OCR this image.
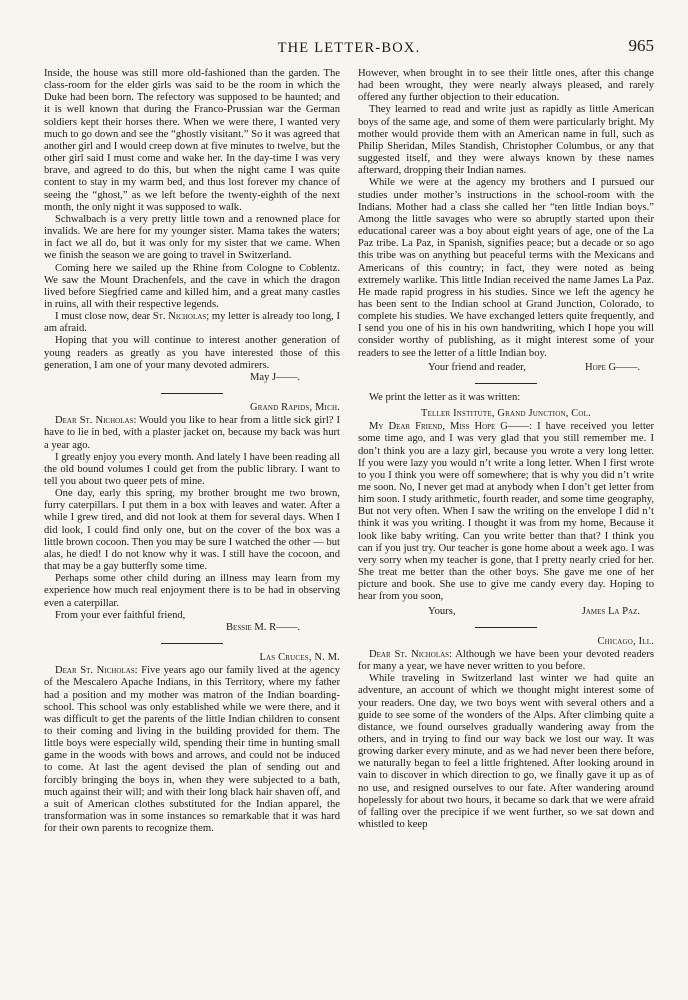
THE LETTER-BOX.	965

Inside, the house was still more old-fashioned than the garden. The class-room for the elder girls was said to be the room in which the Duke had been born. The refectory was supposed to be haunted; and it is well known that during the Franco-Prussian war the German soldiers kept their horses there. When we were there, I wanted very much to go down and see the “ghostly visitant.” So it was agreed that another girl and I would creep down at five minutes to twelve, but the other girl said I must come and wake her. In the day-time I was very brave, and agreed to do this, but when the night came I was quite content to stay in my warm bed, and thus lost forever my chance of seeing the “ghost,” as we left before the twenty-eighth of the next month, the only night it was supposed to walk.

Schwalbach is a very pretty little town and a renowned place for invalids. We are here for my younger sister. Mama takes the waters; in fact we all do, but it was only for my sister that we came. When we finish the season we are going to travel in Switzerland.

Coming here we sailed up the Rhine from Cologne to Coblentz. We saw the Mount Drachenfels, and the cave in which the dragon lived before Siegfried came and killed him, and a great many castles in ruins, all with their respective legends.

I must close now, dear St. Nicholas; my letter is already too long, I am afraid.

Hoping that you will continue to interest another generation of young readers as greatly as you have interested those of this generation, I am one of your many devoted admirers.

May J——.

Grand Rapids, Mich.

Dear St. Nicholas: Would you like to hear from a little sick girl? I have to lie in bed, with a plaster jacket on, because my back was hurt a year ago.

I greatly enjoy you every month. And lately I have been reading all the old bound volumes I could get from the public library. I want to tell you about two queer pets of mine.

One day, early this spring, my brother brought me two brown, furry caterpillars. I put them in a box with leaves and water. After a while I grew tired, and did not look at them for several days. When I did look, I could find only one, but on the cover of the box was a little brown cocoon. Then you may be sure I watched the other — but alas, he died! I do not know why it was. I still have the cocoon, and that may be a gay butterfly some time.

Perhaps some other child during an illness may learn from my experience how much real enjoyment there is to be had in observing even a caterpillar.

From your ever faithful friend,

Bessie M. R——.

Las Cruces, N. M.

Dear St. Nicholas: Five years ago our family lived at the agency of the Mescalero Apache Indians, in this Territory, where my father had a position and my mother was matron of the Indian boarding-school. This school was only established while we were there, and it was difficult to get the parents of the little Indian children to consent to their coming and living in the building provided for them. The little boys were especially wild, spending their time in hunting small game in the woods with bows and arrows, and could not be induced to come. At last the agent devised the plan of sending out and forcibly bringing the boys in, when they were subjected to a bath, much against their will; and with their long black hair shaven off, and a suit of American clothes substituted for the Indian apparel, the transformation was in some instances so remarkable that it was hard for their own parents to recognize them.

However, when brought in to see their little ones, after this change had been wrought, they were nearly always pleased, and rarely offered any further objection to their education.

They learned to read and write just as rapidly as little American boys of the same age, and some of them were particularly bright. My mother would provide them with an American name in full, such as Philip Sheridan, Miles Standish, Christopher Columbus, or any that suggested itself, and they were always known by these names afterward, dropping their Indian names.

While we were at the agency my brothers and I pursued our studies under mother’s instructions in the school-room with the Indians. Mother had a class she called her “ten little Indian boys.” Among the little savages who were so abruptly started upon their educational career was a boy about eight years of age, one of the La Paz tribe. La Paz, in Spanish, signifies peace; but a decade or so ago this tribe was on anything but peaceful terms with the Mexicans and Americans of this country; in fact, they were noted as being extremely warlike. This little Indian received the name James La Paz. He made rapid progress in his studies. Since we left the agency he has been sent to the Indian school at Grand Junction, Colorado, to complete his studies. We have exchanged letters quite frequently, and I send you one of his in his own handwriting, which I hope you will consider worthy of publishing, as it might interest some of your readers to see the letter of a little Indian boy.

Your friend and reader,	Hope G——.

We print the letter as it was written:

Teller Institute, Grand Junction, Col.

My Dear Friend, Miss Hope G——: I have received you letter some time ago, and I was very glad that you still remember me. I don’t think you are a lazy girl, because you wrote a very long letter. If you were lazy you would n’t write a long letter. When I first wrote to you I think you were off somewhere; that is why you did n’t write me soon. No, I never get mad at anybody when I don’t get letter from him soon. I study arithmetic, fourth reader, and some time geography, But not very often. When I saw the writing on the envelope I did n’t think it was you writing. I thought it was from my home, Because it look like baby writing. Can you write better than that? I think you can if you just try. Our teacher is gone home about a week ago. I was very sorry when my teacher is gone, that I pretty nearly cried for her. She treat me better than the other boys. She gave me one of her picture and book. She use to give me candy every day. Hoping to hear from you soon,

Yours,	James La Paz.
Chicago, Ill.

Dear St. Nicholas: Although we have been your devoted readers for many a year, we have never written to you before.

While traveling in Switzerland last winter we had quite an adventure, an account of which we thought might interest some of your readers. One day, we two boys went with several others and a guide to see some of the wonders of the Alps. After climbing quite a distance, we found ourselves gradually wandering away from the others, and in trying to find our way back we lost our way. It was growing darker every minute, and as we had never been there before, we naturally began to feel a little frightened. After looking around in vain to discover in which direction to go, we finally gave it up as of no use, and resigned ourselves to our fate. After wandering around hopelessly for about two hours, it became so dark that we were afraid of falling over the precipice if we went further, so we sat down and whistled to keep
